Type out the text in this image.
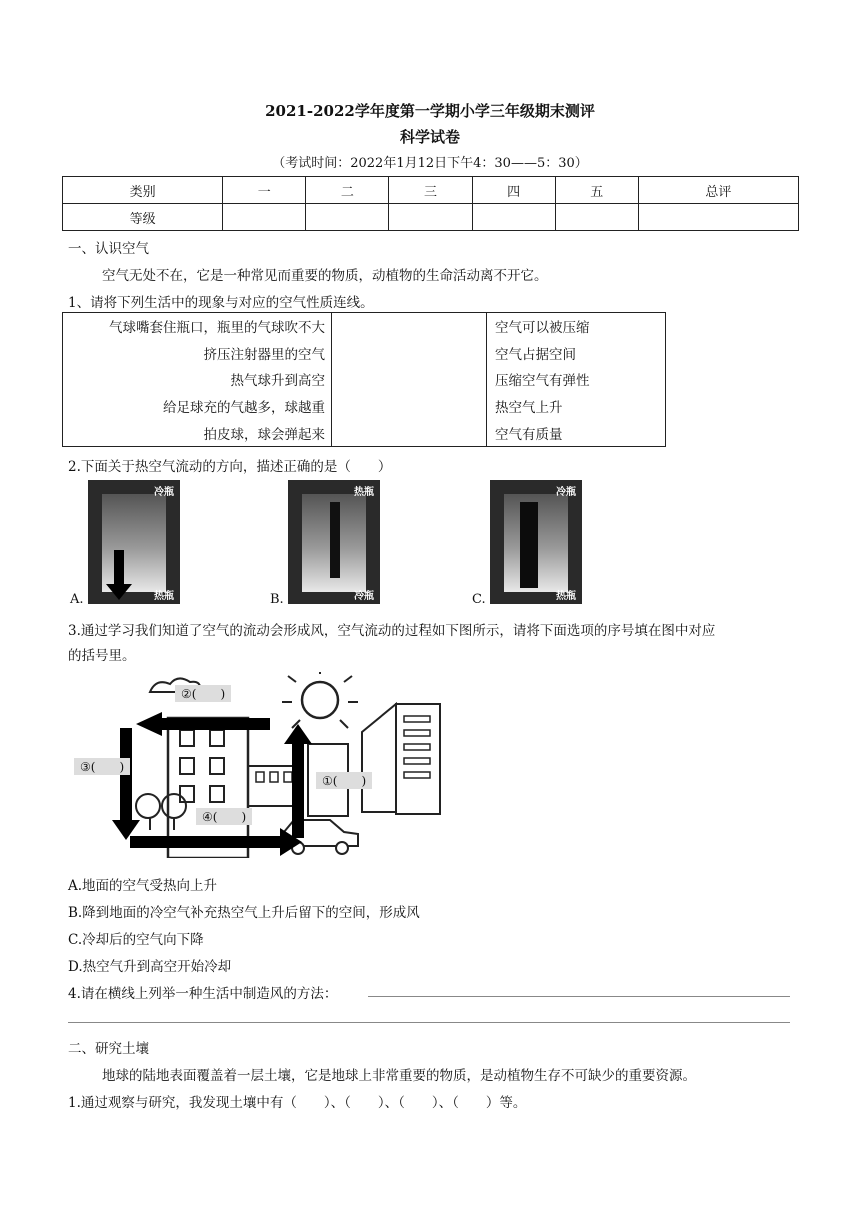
2021-2022学年度第一学期小学三年级期末测评
科学试卷
（考试时间：2022年1月12日下午4：30——5：30）
类别	一	二	三	四	五	总评
等级						
一、认识空气
空气无处不在，它是一种常见而重要的物质，动植物的生命活动离不开它。
1、请将下列生活中的现象与对应的空气性质连线。
气球嘴套住瓶口，瓶里的气球吹不大		空气可以被压缩
挤压注射器里的空气		空气占据空间
热气球升到高空		压缩空气有弹性
给足球充的气越多，球越重		热空气上升
拍皮球，球会弹起来		空气有质量
2.下面关于热空气流动的方向，描述正确的是（　　）
A.
冷瓶
热瓶	B.
热瓶
冷瓶	C.
冷瓶
热瓶
3.通过学习我们知道了空气的流动会形成风，空气流动的过程如下图所示，请将下面选项的序号填在图中对应
的括号里。
②(　　)
③(　　)
①(　　)
④(　　)
A.地面的空气受热向上升
B.降到地面的冷空气补充热空气上升后留下的空间，形成风
C.冷却后的空气向下降
D.热空气升到高空开始冷却
4.请在横线上列举一种生活中制造风的方法：
二、研究土壤
地球的陆地表面覆盖着一层土壤，它是地球上非常重要的物质，是动植物生存不可缺少的重要资源。
1.通过观察与研究，我发现土壤中有（　　）、（　　）、（　　）、（　　）等。
